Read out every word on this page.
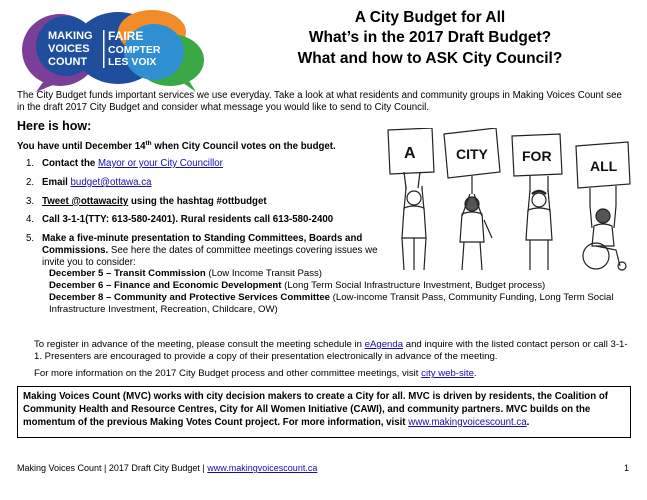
MAKING
VOICES
COUNT
FAIRE
COMPTER
LES VOIX
A City Budget for All
What’s in the 2017 Draft Budget?
What and how to ASK City Council?

The City Budget funds important services we use everyday. Take a look at what residents and community groups in Making Voices Count see in the draft 2017 City Budget and consider what message you would like to send to City Council.

Here is how:
You have until December 14th when City Council votes on the budget.
1. Contact the Mayor or your City Councillor
2. Email budget@ottawa.ca
3. Tweet @ottawacity using the hashtag #ottbudget
4. Call 3-1-1(TTY: 613-580-2401). Rural residents call 613-580-2400
5. Make a five-minute presentation to Standing Committees, Boards and Commissions. See here the dates of committee meetings covering issues we invite you to consider:
December 5 – Transit Commission (Low Income Transit Pass)
December 6 – Finance and Economic Development (Long Term Social Infrastructure Investment, Budget process)
December 8 – Community and Protective Services Committee (Low-income Transit Pass, Community Funding, Long Term Social Infrastructure Investment, Recreation, Childcare, OW)

To register in advance of the meeting, please consult the meeting schedule in eAgenda and inquire with the listed contact person or call 3-1-1. Presenters are encouraged to provide a copy of their presentation electronically in advance of the meeting.

For more information on the 2017 City Budget process and other committee meetings, visit city web-site.

Making Voices Count (MVC) works with city decision makers to create a City for all. MVC is driven by residents, the Coalition of Community Health and Resource Centres, City for All Women Initiative (CAWI), and community partners. MVC builds on the momentum of the previous Making Votes Count project. For more information, visit www.makingvoicescount.ca.
Making Voices Count | 2017 Draft City Budget | www.makingvoicescount.ca	1
A	CITY FOR
ALL
